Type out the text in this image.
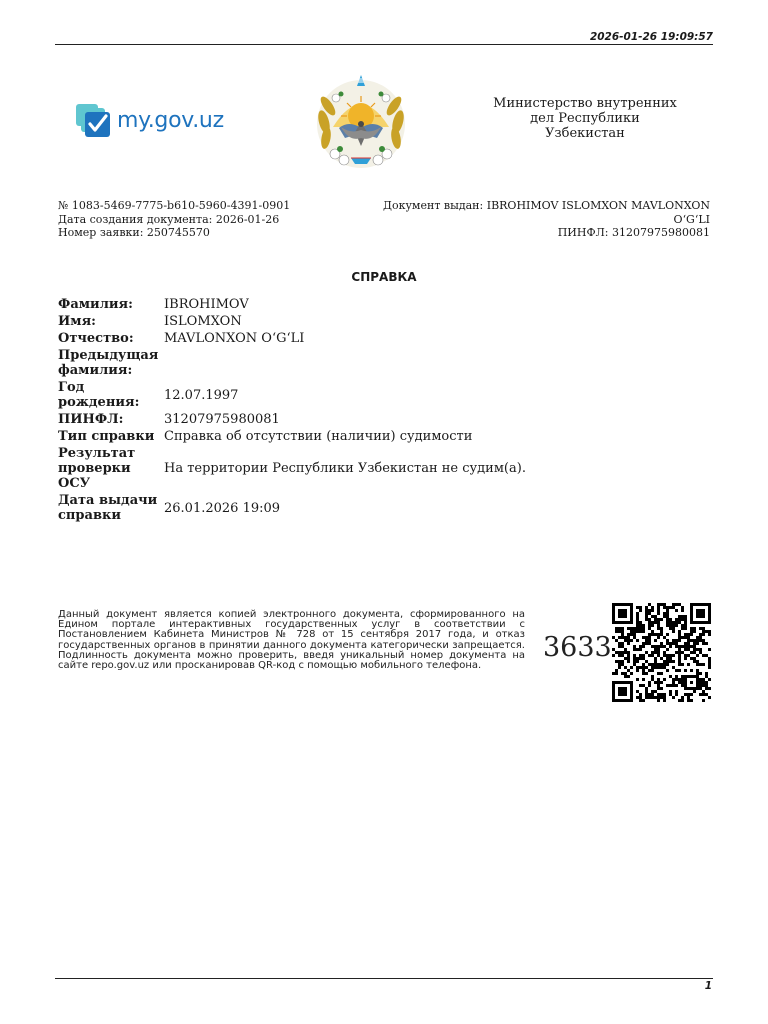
2026-01-26 19:09:57
my.gov.uz
Министерство внутренних
дел Республики
Узбекистан
№ 1083-5469-7775-b610-5960-4391-0901
Дата создания документа: 2026-01-26
Номер заявки: 250745570
Документ выдан: IBROHIMOV ISLOMXON MAVLONXON
O‘G‘LI
ПИНФЛ: 31207975980081
СПРАВКА
Фамилия:	IBROHIMOV
Имя:	ISLOMXON
Отчество:	MAVLONXON O‘G‘LI
Предыдущая фамилия:	
Год рождения:	12.07.1997
ПИНФЛ:	31207975980081
Тип справки	Справка об отсутствии (наличии) судимости
Результат проверки ОСУ	На территории Республики Узбекистан не судим(а).
Дата выдачи справки	26.01.2026 19:09
Данный документ является копией электронного документа, сформированного на Едином портале интерактивных государственных услуг в соответствии с Постановлением Кабинета Министров № 728 от 15 сентября 2017 года, и отказ государственных органов в принятии данного документа категорически запрещается. Подлинность документа можно проверить, введя уникальный номер документа на сайте repo.gov.uz или просканировав QR-код с помощью мобильного телефона.
3633
1
